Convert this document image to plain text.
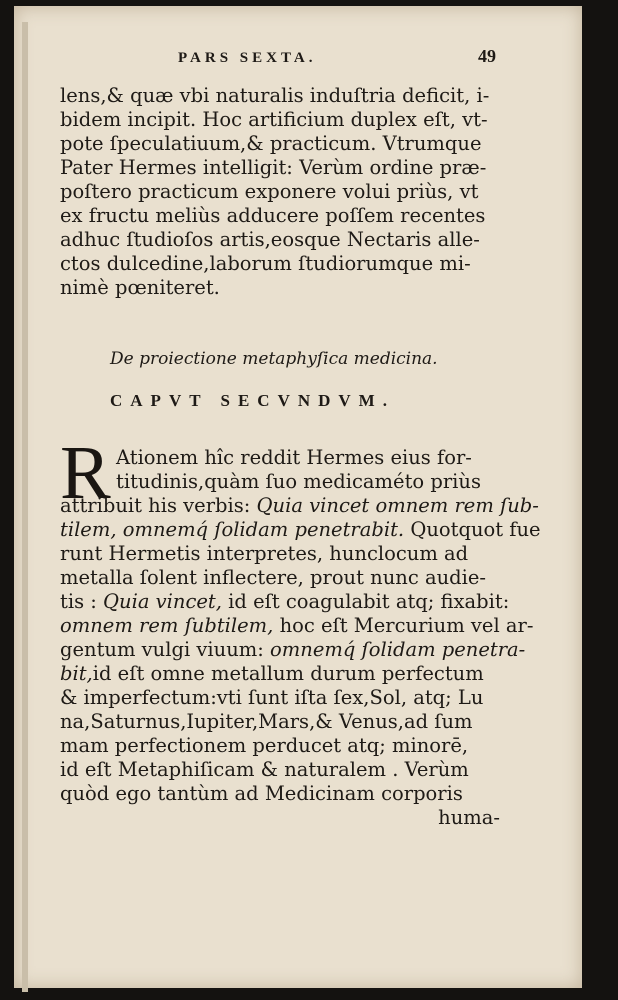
PARS SEXTA.	49
lens,& quæ vbi naturalis induſtria deficit, i-
bidem incipit. Hoc artificium duplex eſt, vt-
pote ſpeculatiuum,& practicum. Vtrumque
Pater Hermes intelligit: Verùm ordine præ-
poſtero practicum exponere volui priùs, vt
ex fructu meliùs adducere poſſem recentes
adhuc ſtudioſos artis,eosque Nectaris alle-
ctos dulcedine,laborum ſtudiorumque mi-
nimè pœniteret.
De proiectione metaphyſica medicina.
CAPVT SECVNDVM.
R Ationem hîc reddit Hermes eius for-
titudinis,quàm ſuo medicaméto priùs
attribuit his verbis: Quia vincet omnem rem ſub-
tilem, omnemq́ ſolidam penetrabit. Quotquot fue
runt Hermetis interpretes, hunclocum ad
metalla ſolent inflectere, prout nunc audie-
tis : Quia vincet, id eſt coagulabit atq; fixabit:
omnem rem ſubtilem, hoc eſt Mercurium vel ar-
gentum vulgi viuum: omnemq́ ſolidam penetra-
bit,id eſt omne metallum durum perfectum
& imperfectum:vti ſunt iſta ſex,Sol, atq; Lu
na,Saturnus,Iupiter,Mars,& Venus,ad ſum
mam perfectionem perducet atq; minorē,
id eſt Metaphiſicam & naturalem . Verùm
quòd ego tantùm ad Medicinam corporis
huma-
